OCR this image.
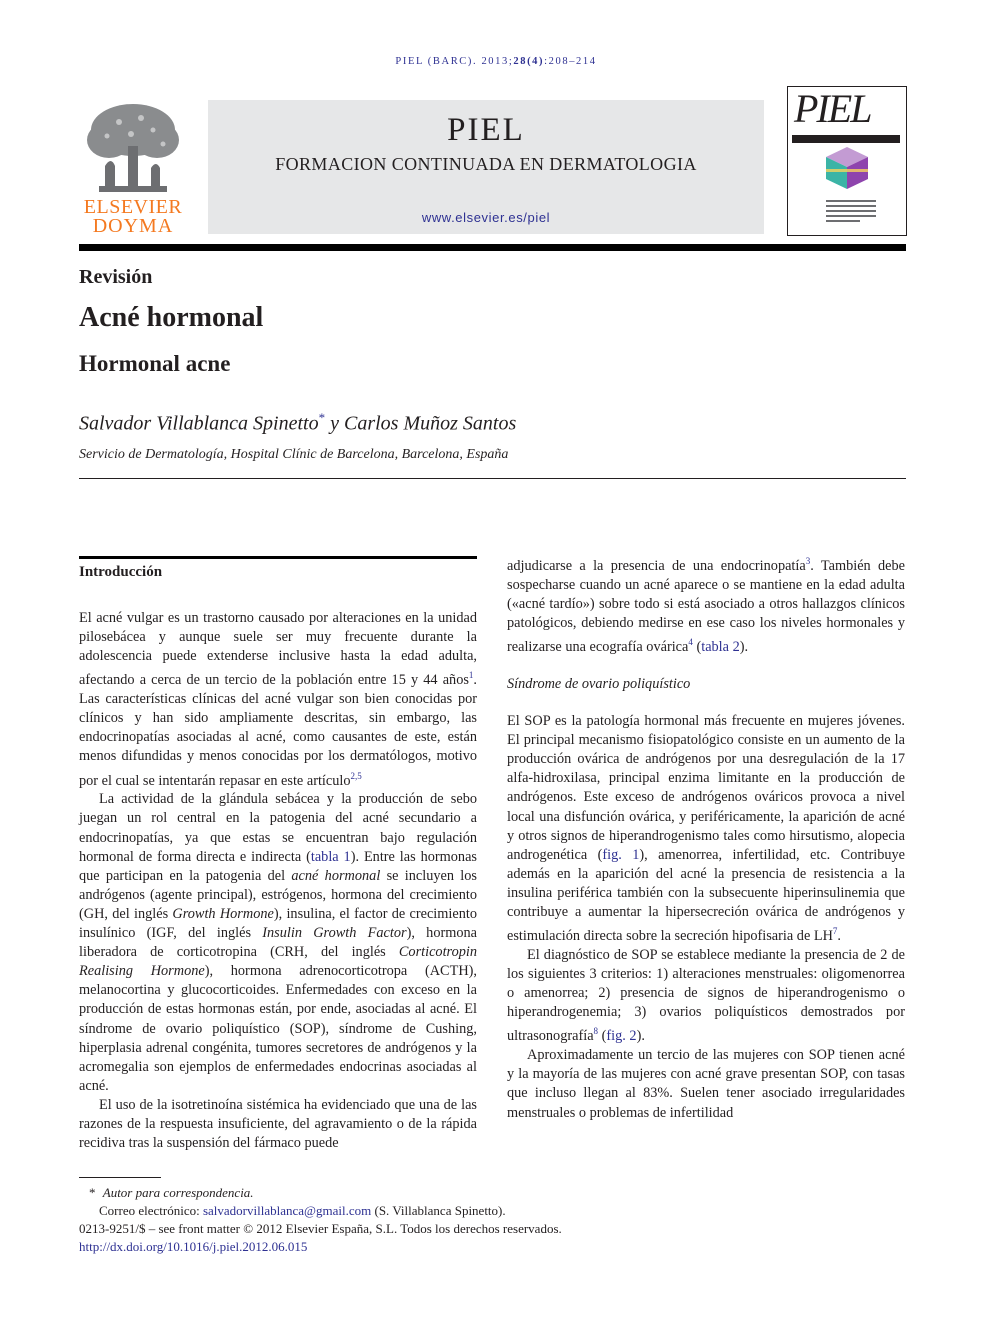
PIEL (BARC). 2013;28(4):208–214
ELSEVIER
DOYMA
PIEL
FORMACION CONTINUADA EN DERMATOLOGIA
www.elsevier.es/piel
PIEL
Revisión
Acné hormonal
Hormonal acne
Salvador Villablanca Spinetto* y Carlos Muñoz Santos
Servicio de Dermatología, Hospital Clínic de Barcelona, Barcelona, España
Introducción

El acné vulgar es un trastorno causado por alteraciones en la unidad pilosebácea y aunque suele ser muy frecuente durante la adolescencia puede extenderse inclusive hasta la edad adulta, afectando a cerca de un tercio de la población entre 15 y 44 años$^1$. Las características clínicas del acné vulgar son bien conocidas por clínicos y han sido ampliamente descritas, sin embargo, las endocrinopatías asociadas al acné, como causantes de este, están menos difundidas y menos conocidas por los dermatólogos, motivo por el cual se intentarán repasar en este artículo$^{2,5}$

La actividad de la glándula sebácea y la producción de sebo juegan un rol central en la patogenia del acné secundario a endocrinopatías, ya que estas se encuentran bajo regulación hormonal de forma directa e indirecta (tabla 1). Entre las hormonas que participan en la patogenia del acné hormonal se incluyen los andrógenos (agente principal), estrógenos, hormona del crecimiento (GH, del inglés Growth Hormone), insulina, el factor de crecimiento insulínico (IGF, del inglés Insulin Growth Factor), hormona liberadora de corticotropina (CRH, del inglés Corticotropin Realising Hormone), hormona adrenocorticotropa (ACTH), melanocortina y glucocorticoides. Enfermedades con exceso en la producción de estas hormonas están, por ende, asociadas al acné. El síndrome de ovario poliquístico (SOP), síndrome de Cushing, hiperplasia adrenal congénita, tumores secretores de andrógenos y la acromegalia son ejemplos de enfermedades endocrinas asociadas al acné.

El uso de la isotretinoína sistémica ha evidenciado que una de las razones de la respuesta insuficiente, del agravamiento o de la rápida recidiva tras la suspensión del fármaco puede

adjudicarse a la presencia de una endocrinopatía$^3$. También debe sospecharse cuando un acné aparece o se mantiene en la edad adulta («acné tardío») sobre todo si está asociado a otros hallazgos clínicos patológicos, debiendo medirse en ese caso los niveles hormonales y realizarse una ecografía ovárica$^4$ (tabla 2).

Síndrome de ovario poliquístico

El SOP es la patología hormonal más frecuente en mujeres jóvenes. El principal mecanismo fisiopatológico consiste en un aumento de la producción ovárica de andrógenos por una desregulación de la 17 alfa-hidroxilasa, principal enzima limitante en la producción de andrógenos. Este exceso de andrógenos ováricos provoca a nivel local una disfunción ovárica, y periféricamente, la aparición de acné y otros signos de hiperandrogenismo tales como hirsutismo, alopecia androgenética (fig. 1), amenorrea, infertilidad, etc. Contribuye además en la aparición del acné la presencia de resistencia a la insulina periférica también con la subsecuente hiperinsulinemia que contribuye a aumentar la hipersecreción ovárica de andrógenos y estimulación directa sobre la secreción hipofisaria de $LH^7$.

El diagnóstico de SOP se establece mediante la presencia de 2 de los siguientes 3 criterios: 1) alteraciones menstruales: oligomenorrea o amenorrea; 2) presencia de signos de hiperandrogenismo o hiperandrogenemia; 3) ovarios poliquísticos demostrados por ultrasonografía$^8$ (fig. 2).

Aproximadamente un tercio de las mujeres con SOP tienen acné y la mayoría de las mujeres con acné grave presentan SOP, con tasas que incluso llegan al 83%. Suelen tener asociado irregularidades menstruales o problemas de infertilidad

* Autor para correspondencia.
Correo electrónico: salvadorvillablanca@gmail.com (S. Villablanca Spinetto).
0213-9251/$ – see front matter © 2012 Elsevier España, S.L. Todos los derechos reservados.
http://dx.doi.org/10.1016/j.piel.2012.06.015
